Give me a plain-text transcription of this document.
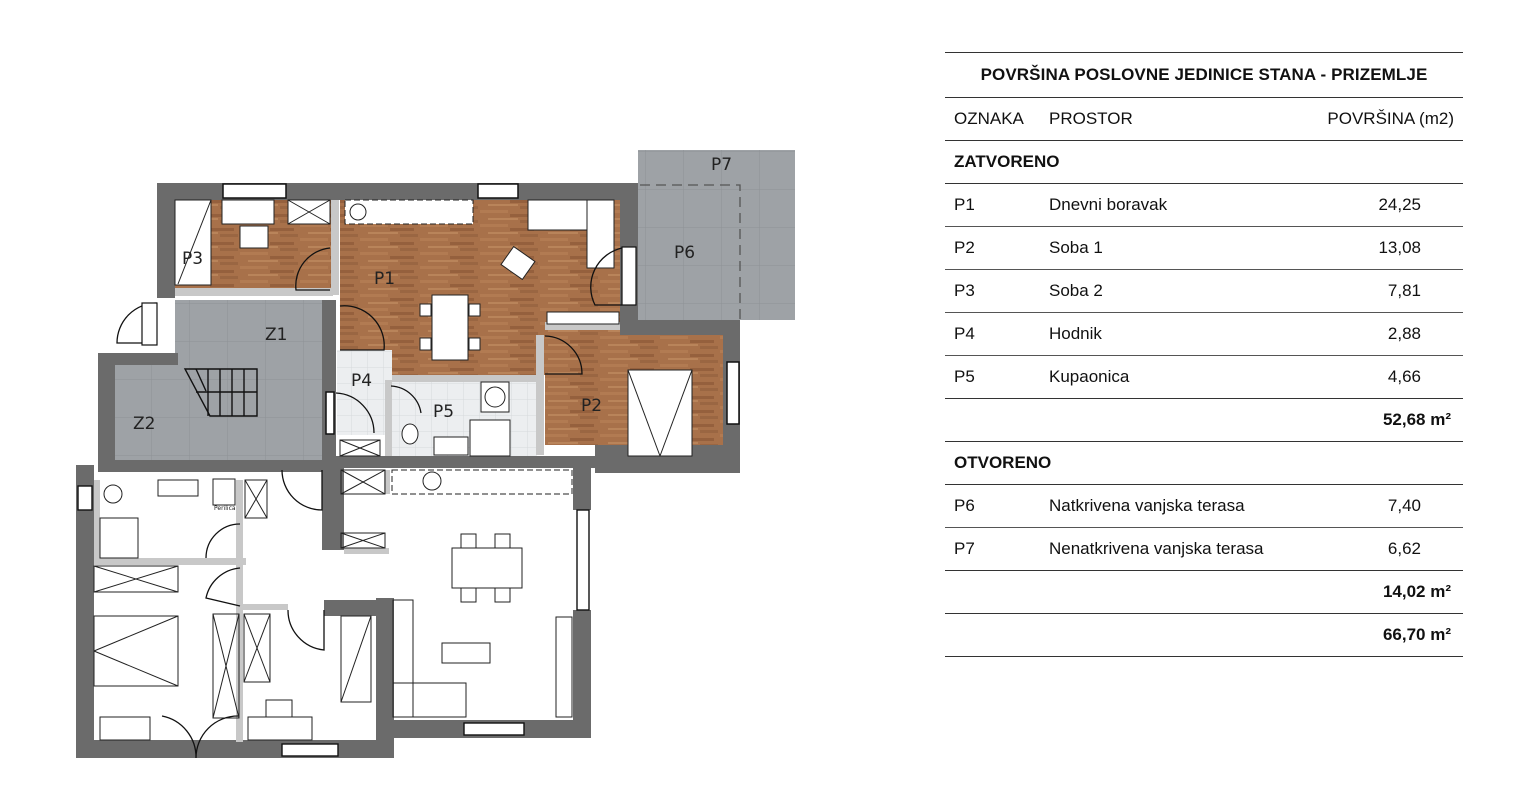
P1
P2
P3
P4
P5
P6
P7
Z1
Z2
Perilica
POVRŠINA POSLOVNE JEDINICE STANA - PRIZEMLJE
OZNAKA	PROSTOR	POVRŠINA (m2)
ZATVORENO
P1	Dnevni boravak	24,25
P2	Soba 1	13,08
P3	Soba 2	7,81
P4	Hodnik	2,88
P5	Kupaonica	4,66
52,68 m²
OTVORENO
P6	Natkrivena vanjska terasa	7,40
P7	Nenatkrivena vanjska terasa	6,62
14,02 m²
66,70 m²
